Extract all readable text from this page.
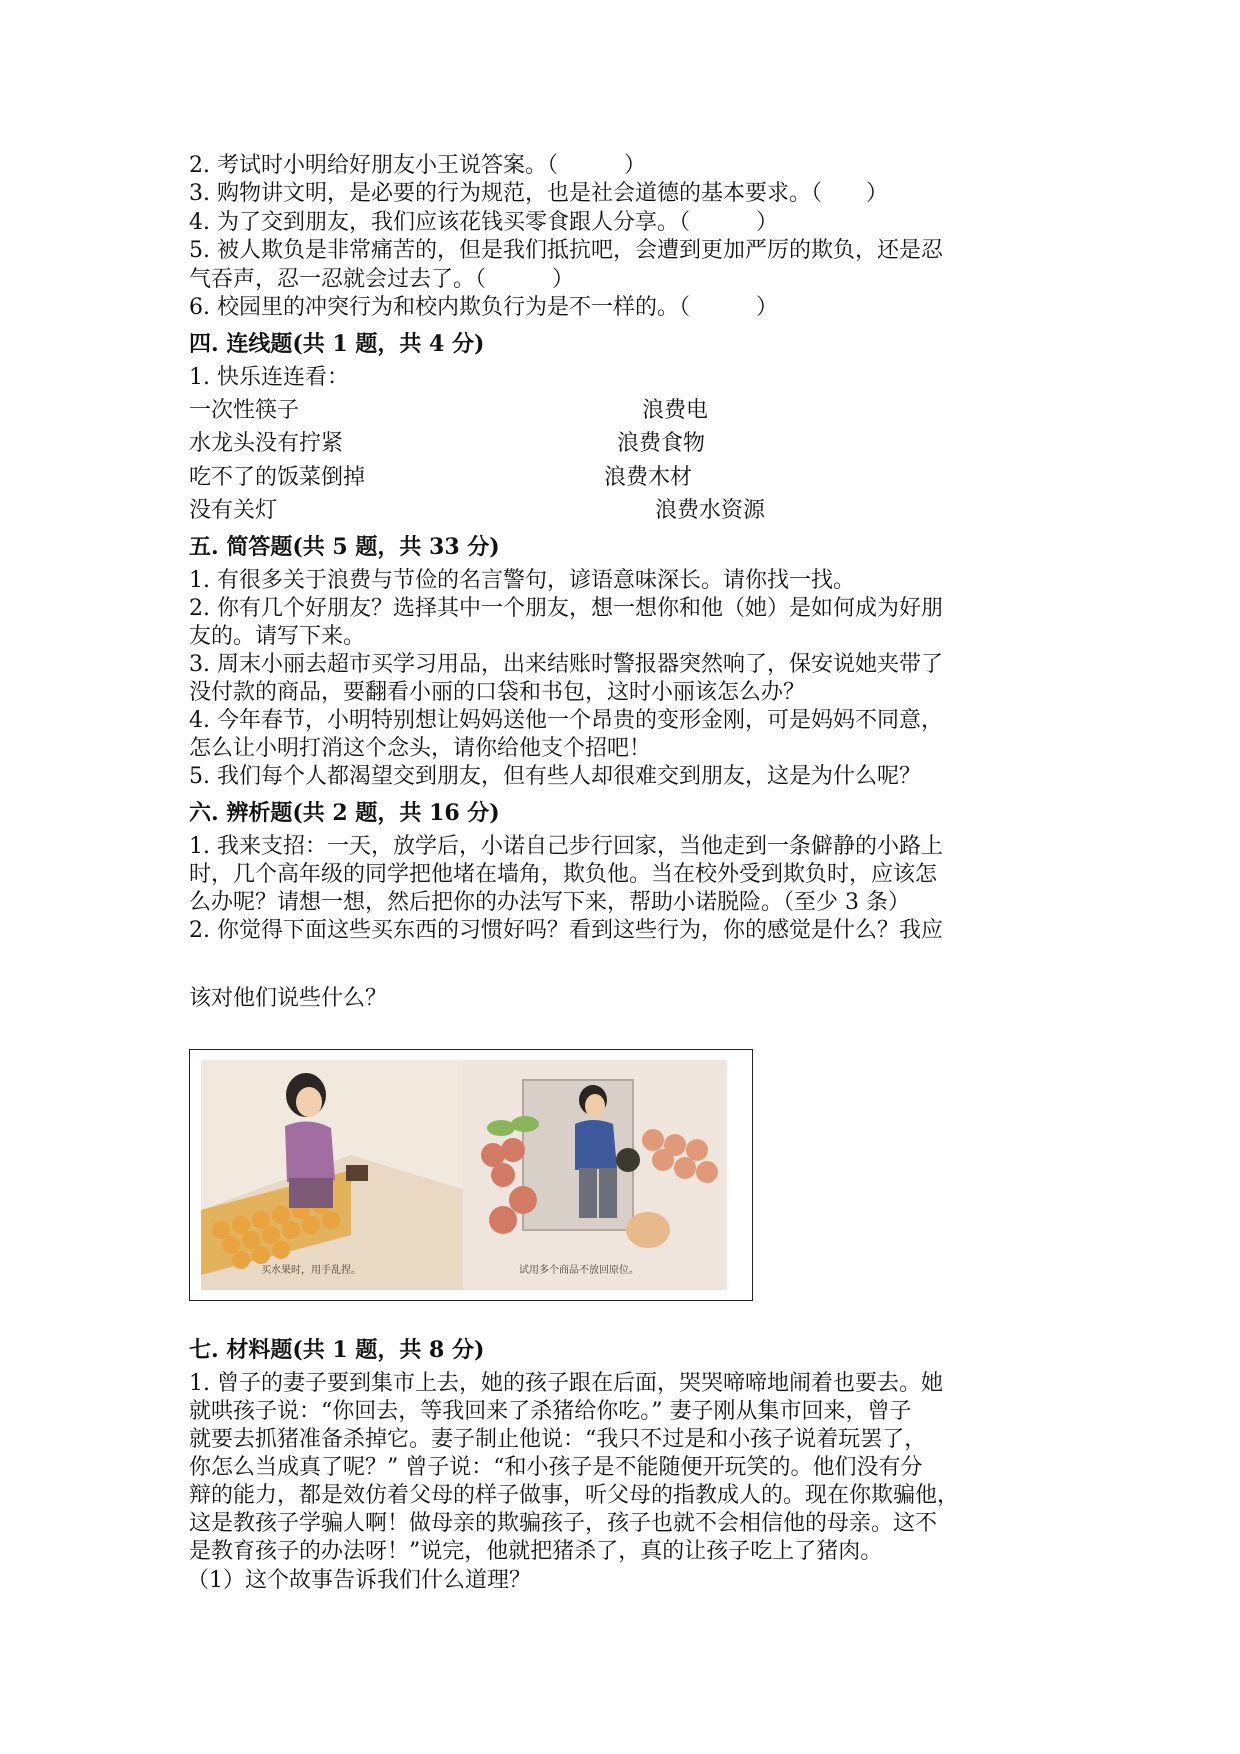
2. 考试时小明给好朋友小王说答案。（　　　）
3. 购物讲文明，是必要的行为规范，也是社会道德的基本要求。（　　）
4. 为了交到朋友，我们应该花钱买零食跟人分享。（　　　）
5. 被人欺负是非常痛苦的，但是我们抵抗吧，会遭到更加严厉的欺负，还是忍
气吞声，忍一忍就会过去了。（　　　）
6. 校园里的冲突行为和校内欺负行为是不一样的。（　　　）
四. 连线题(共 1 题，共 4 分)
1. 快乐连连看：
一次性筷子	浪费电
水龙头没有拧紧	浪费食物
吃不了的饭菜倒掉	浪费木材
没有关灯	浪费水资源
五. 简答题(共 5 题，共 33 分)
1. 有很多关于浪费与节俭的名言警句，谚语意味深长。请你找一找。
2. 你有几个好朋友？选择其中一个朋友，想一想你和他（她）是如何成为好朋
友的。请写下来。
3. 周末小丽去超市买学习用品，出来结账时警报器突然响了，保安说她夹带了
没付款的商品，要翻看小丽的口袋和书包，这时小丽该怎么办？
4. 今年春节，小明特别想让妈妈送他一个昂贵的变形金刚，可是妈妈不同意，
怎么让小明打消这个念头，请你给他支个招吧！
5. 我们每个人都渴望交到朋友，但有些人却很难交到朋友，这是为什么呢？
六. 辨析题(共 2 题，共 16 分)
1. 我来支招：一天，放学后，小诺自己步行回家，当他走到一条僻静的小路上
时，几个高年级的同学把他堵在墙角，欺负他。当在校外受到欺负时，应该怎
么办呢？请想一想，然后把你的办法写下来，帮助小诺脱险。（至少 3 条）
2. 你觉得下面这些买东西的习惯好吗？看到这些行为，你的感觉是什么？我应
该对他们说些什么？
买水果时，用手乱捏。	试用多个商品不放回原位。
七. 材料题(共 1 题，共 8 分)
1. 曾子的妻子要到集市上去，她的孩子跟在后面，哭哭啼啼地闹着也要去。她
就哄孩子说：“你回去，等我回来了杀猪给你吃。” 妻子刚从集市回来，曾子
就要去抓猪准备杀掉它。妻子制止他说：“我只不过是和小孩子说着玩罢了，
你怎么当成真了呢？” 曾子说：“和小孩子是不能随便开玩笑的。他们没有分
辩的能力，都是效仿着父母的样子做事，听父母的指教成人的。现在你欺骗他，
这是教孩子学骗人啊！做母亲的欺骗孩子，孩子也就不会相信他的母亲。这不
是教育孩子的办法呀！”说完，他就把猪杀了，真的让孩子吃上了猪肉。
（1）这个故事告诉我们什么道理？
